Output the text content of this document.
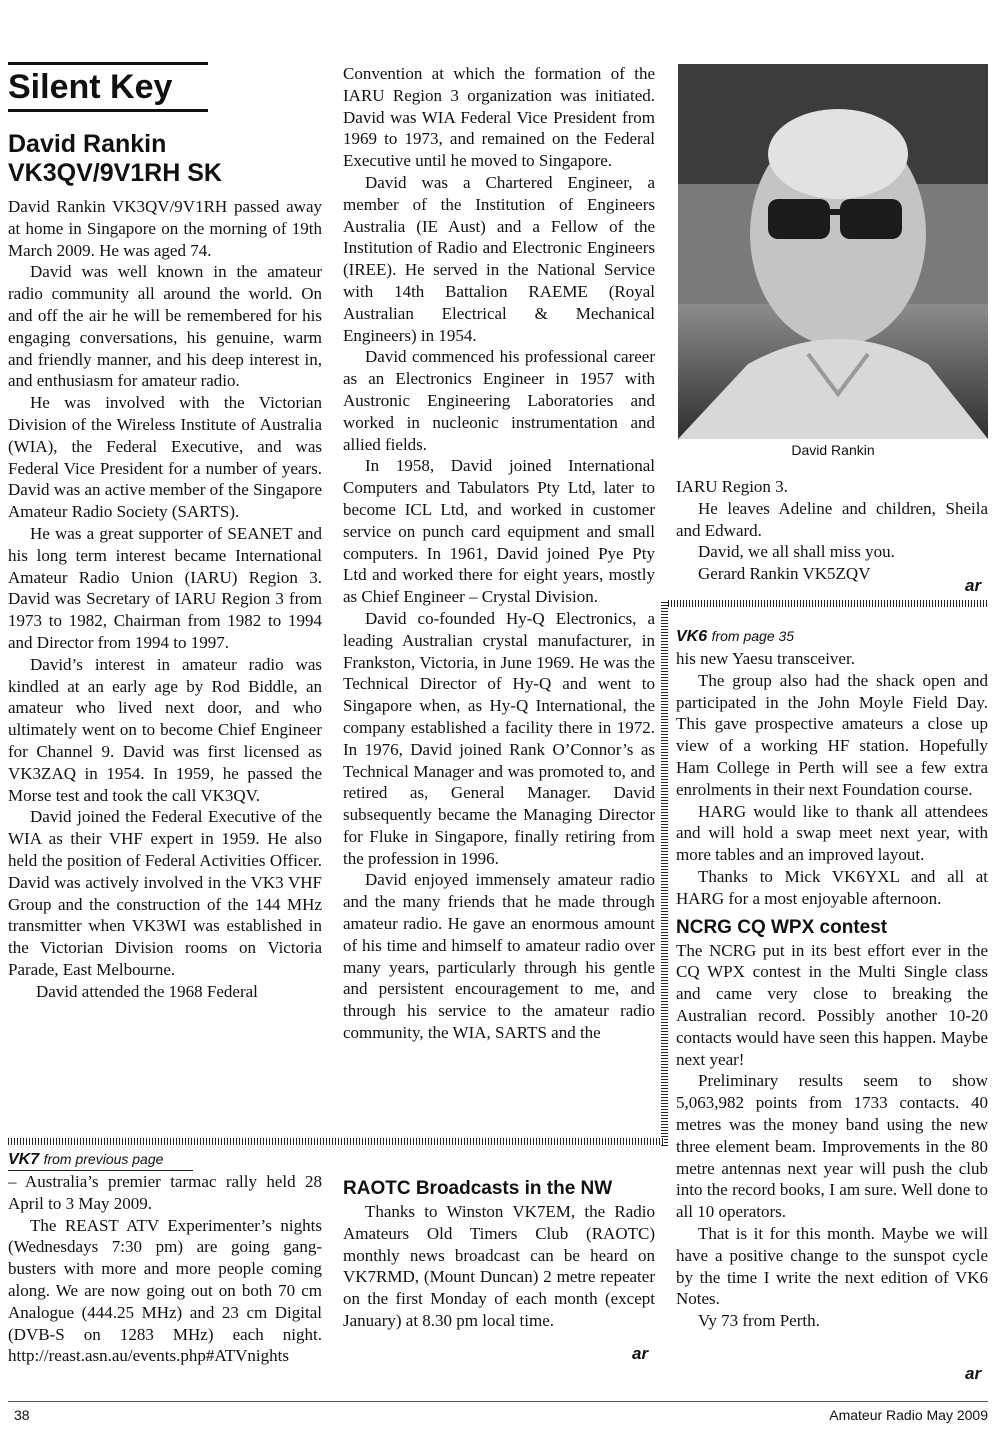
Silent Key
David Rankin
VK3QV/9V1RH SK

David Rankin VK3QV/9V1RH passed away at home in Singapore on the morning of 19th March 2009. He was aged 74.

David was well known in the amateur radio community all around the world. On and off the air he will be remembered for his engaging conversations, his genuine, warm and friendly manner, and his deep interest in, and enthusiasm for amateur radio.

He was involved with the Victorian Division of the Wireless Institute of Australia (WIA), the Federal Executive, and was Federal Vice President for a number of years. David was an active member of the Singapore Amateur Radio Society (SARTS).

He was a great supporter of SEANET and his long term interest became International Amateur Radio Union (IARU) Region 3. David was Secretary of IARU Region 3 from 1973 to 1982, Chairman from 1982 to 1994 and Director from 1994 to 1997.

David’s interest in amateur radio was kindled at an early age by Rod Biddle, an amateur who lived next door, and who ultimately went on to become Chief Engineer for Channel 9. David was first licensed as VK3ZAQ in 1954. In 1959, he passed the Morse test and took the call VK3QV.

David joined the Federal Executive of the WIA as their VHF expert in 1959. He also held the position of Federal Activities Officer. David was actively involved in the VK3 VHF Group and the construction of the 144 MHz transmitter when VK3WI was established in the Victorian Division rooms on Victoria Parade, East Melbourne.

David attended the 1968 Federal

Convention at which the formation of the IARU Region 3 organization was initiated. David was WIA Federal Vice President from 1969 to 1973, and remained on the Federal Executive until he moved to Singapore.

David was a Chartered Engineer, a member of the Institution of Engineers Australia (IE Aust) and a Fellow of the Institution of Radio and Electronic Engineers (IREE). He served in the National Service with 14th Battalion RAEME (Royal Australian Electrical & Mechanical Engineers) in 1954.

David commenced his professional career as an Electronics Engineer in 1957 with Austronic Engineering Laboratories and worked in nucleonic instrumentation and allied fields.

In 1958, David joined International Computers and Tabulators Pty Ltd, later to become ICL Ltd, and worked in customer service on punch card equipment and small computers. In 1961, David joined Pye Pty Ltd and worked there for eight years, mostly as Chief Engineer – Crystal Division.

David co-founded Hy-Q Electronics, a leading Australian crystal manufacturer, in Frankston, Victoria, in June 1969. He was the Technical Director of Hy-Q and went to Singapore when, as Hy-Q International, the company established a facility there in 1972. In 1976, David joined Rank O’Connor’s as Technical Manager and was promoted to, and retired as, General Manager. David subsequently became the Managing Director for Fluke in Singapore, finally retiring from the profession in 1996.

David enjoyed immensely amateur radio and the many friends that he made through amateur radio. He gave an enormous amount of his time and himself to amateur radio over many years, particularly through his gentle and persistent encouragement to me, and through his service to the amateur radio community, the WIA, SARTS and the

David Rankin

IARU Region 3.

He leaves Adeline and children, Sheila and Edward.

David, we all shall miss you.

Gerard Rankin VK5ZQV

ar

VK6 from page 35

his new Yaesu transceiver.

The group also had the shack open and participated in the John Moyle Field Day. This gave prospective amateurs a close up view of a working HF station. Hopefully Ham College in Perth will see a few extra enrolments in their next Foundation course.

HARG would like to thank all attendees and will hold a swap meet next year, with more tables and an improved layout.

Thanks to Mick VK6YXL and all at HARG for a most enjoyable afternoon.

NCRG CQ WPX contest

The NCRG put in its best effort ever in the CQ WPX contest in the Multi Single class and came very close to breaking the Australian record. Possibly another 10-20 contacts would have seen this happen. Maybe next year!

Preliminary results seem to show 5,063,982 points from 1733 contacts. 40 metres was the money band using the new three element beam. Improvements in the 80 metre antennas next year will push the club into the record books, I am sure. Well done to all 10 operators.

That is it for this month. Maybe we will have a positive change to the sunspot cycle by the time I write the next edition of VK6 Notes.

Vy 73 from Perth.

ar

VK7 from previous page

– Australia’s premier tarmac rally held 28 April to 3 May 2009.

The REAST ATV Experimenter’s nights (Wednesdays 7:30 pm) are going gang-busters with more and more people coming along. We are now going out on both 70 cm Analogue (444.25 MHz) and 23 cm Digital (DVB-S on 1283 MHz) each night. http://reast.asn.au/events.php#ATVnights

RAOTC Broadcasts in the NW

Thanks to Winston VK7EM, the Radio Amateurs Old Timers Club (RAOTC) monthly news broadcast can be heard on VK7RMD, (Mount Duncan) 2 metre repeater on the first Monday of each month (except January) at 8.30 pm local time.

ar
38	Amateur Radio May 2009
